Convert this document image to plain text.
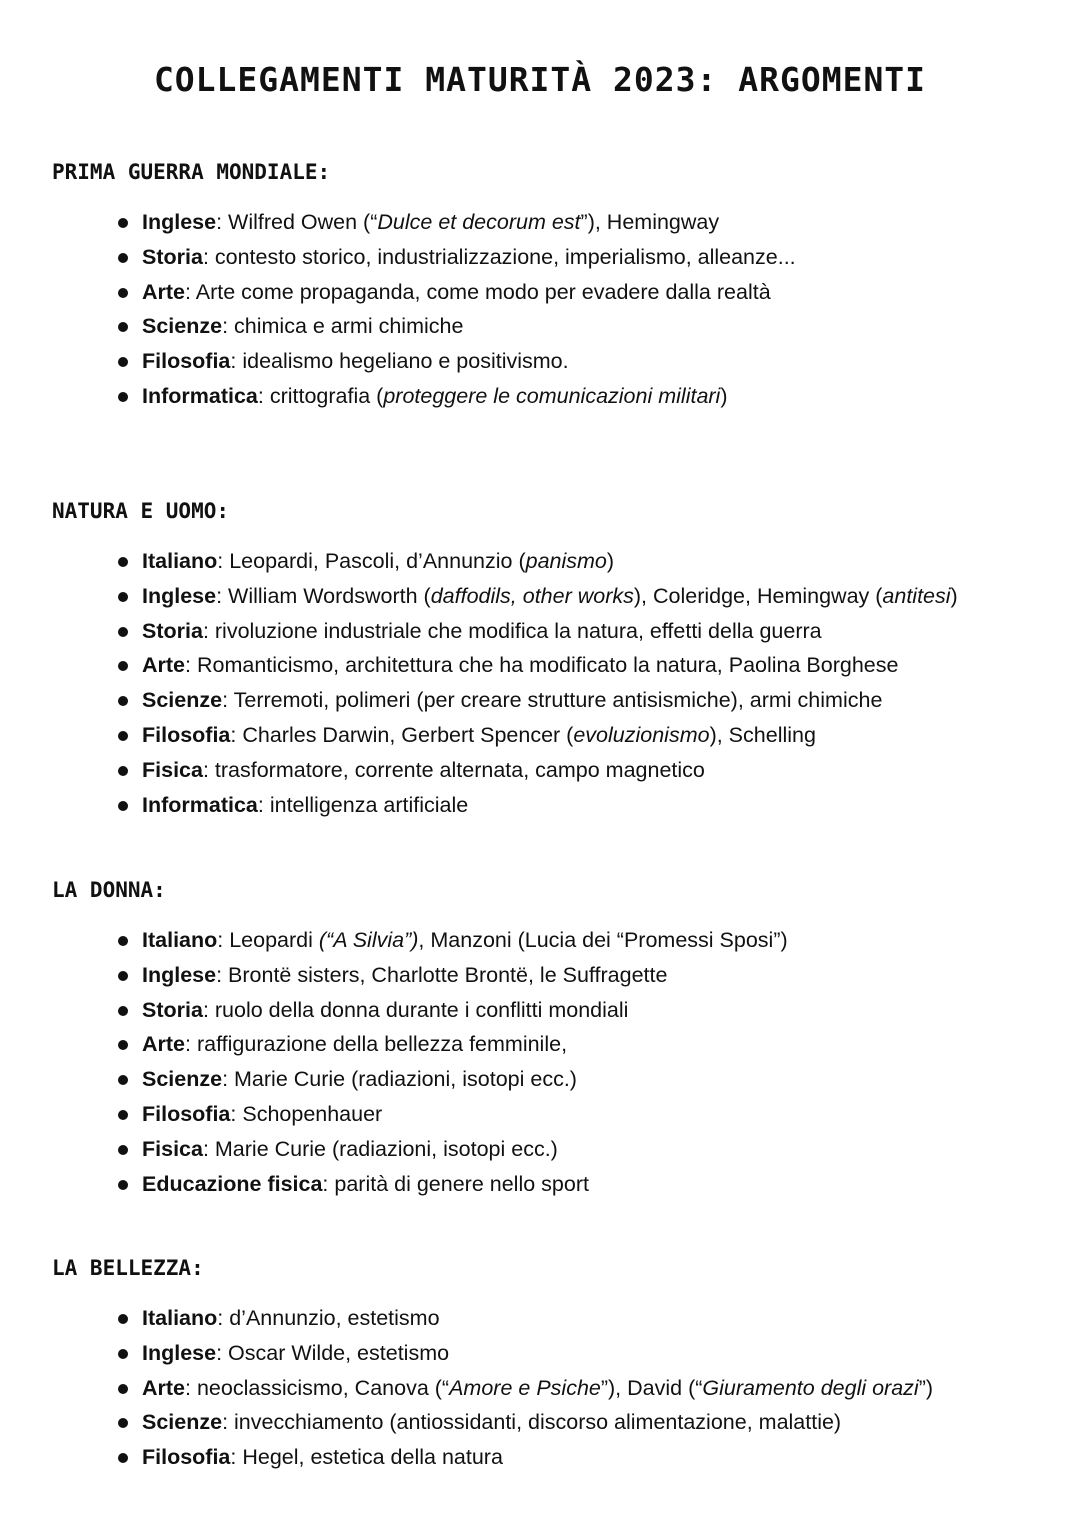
COLLEGAMENTI MATURITÀ 2023: ARGOMENTI
PRIMA GUERRA MONDIALE:
Inglese: Wilfred Owen (“Dulce et decorum est”), Hemingway
Storia: contesto storico, industrializzazione, imperialismo, alleanze...
Arte: Arte come propaganda, come modo per evadere dalla realtà
Scienze: chimica e armi chimiche
Filosofia: idealismo hegeliano e positivismo.
Informatica: crittografia (proteggere le comunicazioni militari)
NATURA E UOMO:
Italiano: Leopardi, Pascoli, d’Annunzio (panismo)
Inglese: William Wordsworth (daffodils, other works), Coleridge, Hemingway (antitesi)
Storia: rivoluzione industriale che modifica la natura, effetti della guerra
Arte: Romanticismo, architettura che ha modificato la natura, Paolina Borghese
Scienze: Terremoti, polimeri (per creare strutture antisismiche), armi chimiche
Filosofia: Charles Darwin, Gerbert Spencer (evoluzionismo), Schelling
Fisica: trasformatore, corrente alternata, campo magnetico
Informatica: intelligenza artificiale
LA DONNA:
Italiano: Leopardi (“A Silvia”), Manzoni (Lucia dei “Promessi Sposi”)
Inglese: Brontë sisters, Charlotte Brontë, le Suffragette
Storia: ruolo della donna durante i conflitti mondiali
Arte: raffigurazione della bellezza femminile,
Scienze: Marie Curie (radiazioni, isotopi ecc.)
Filosofia: Schopenhauer
Fisica: Marie Curie (radiazioni, isotopi ecc.)
Educazione fisica: parità di genere nello sport
LA BELLEZZA:
Italiano: d’Annunzio, estetismo
Inglese: Oscar Wilde, estetismo
Arte: neoclassicismo, Canova (“Amore e Psiche”), David (“Giuramento degli orazi”)
Scienze: invecchiamento (antiossidanti, discorso alimentazione, malattie)
Filosofia: Hegel, estetica della natura
